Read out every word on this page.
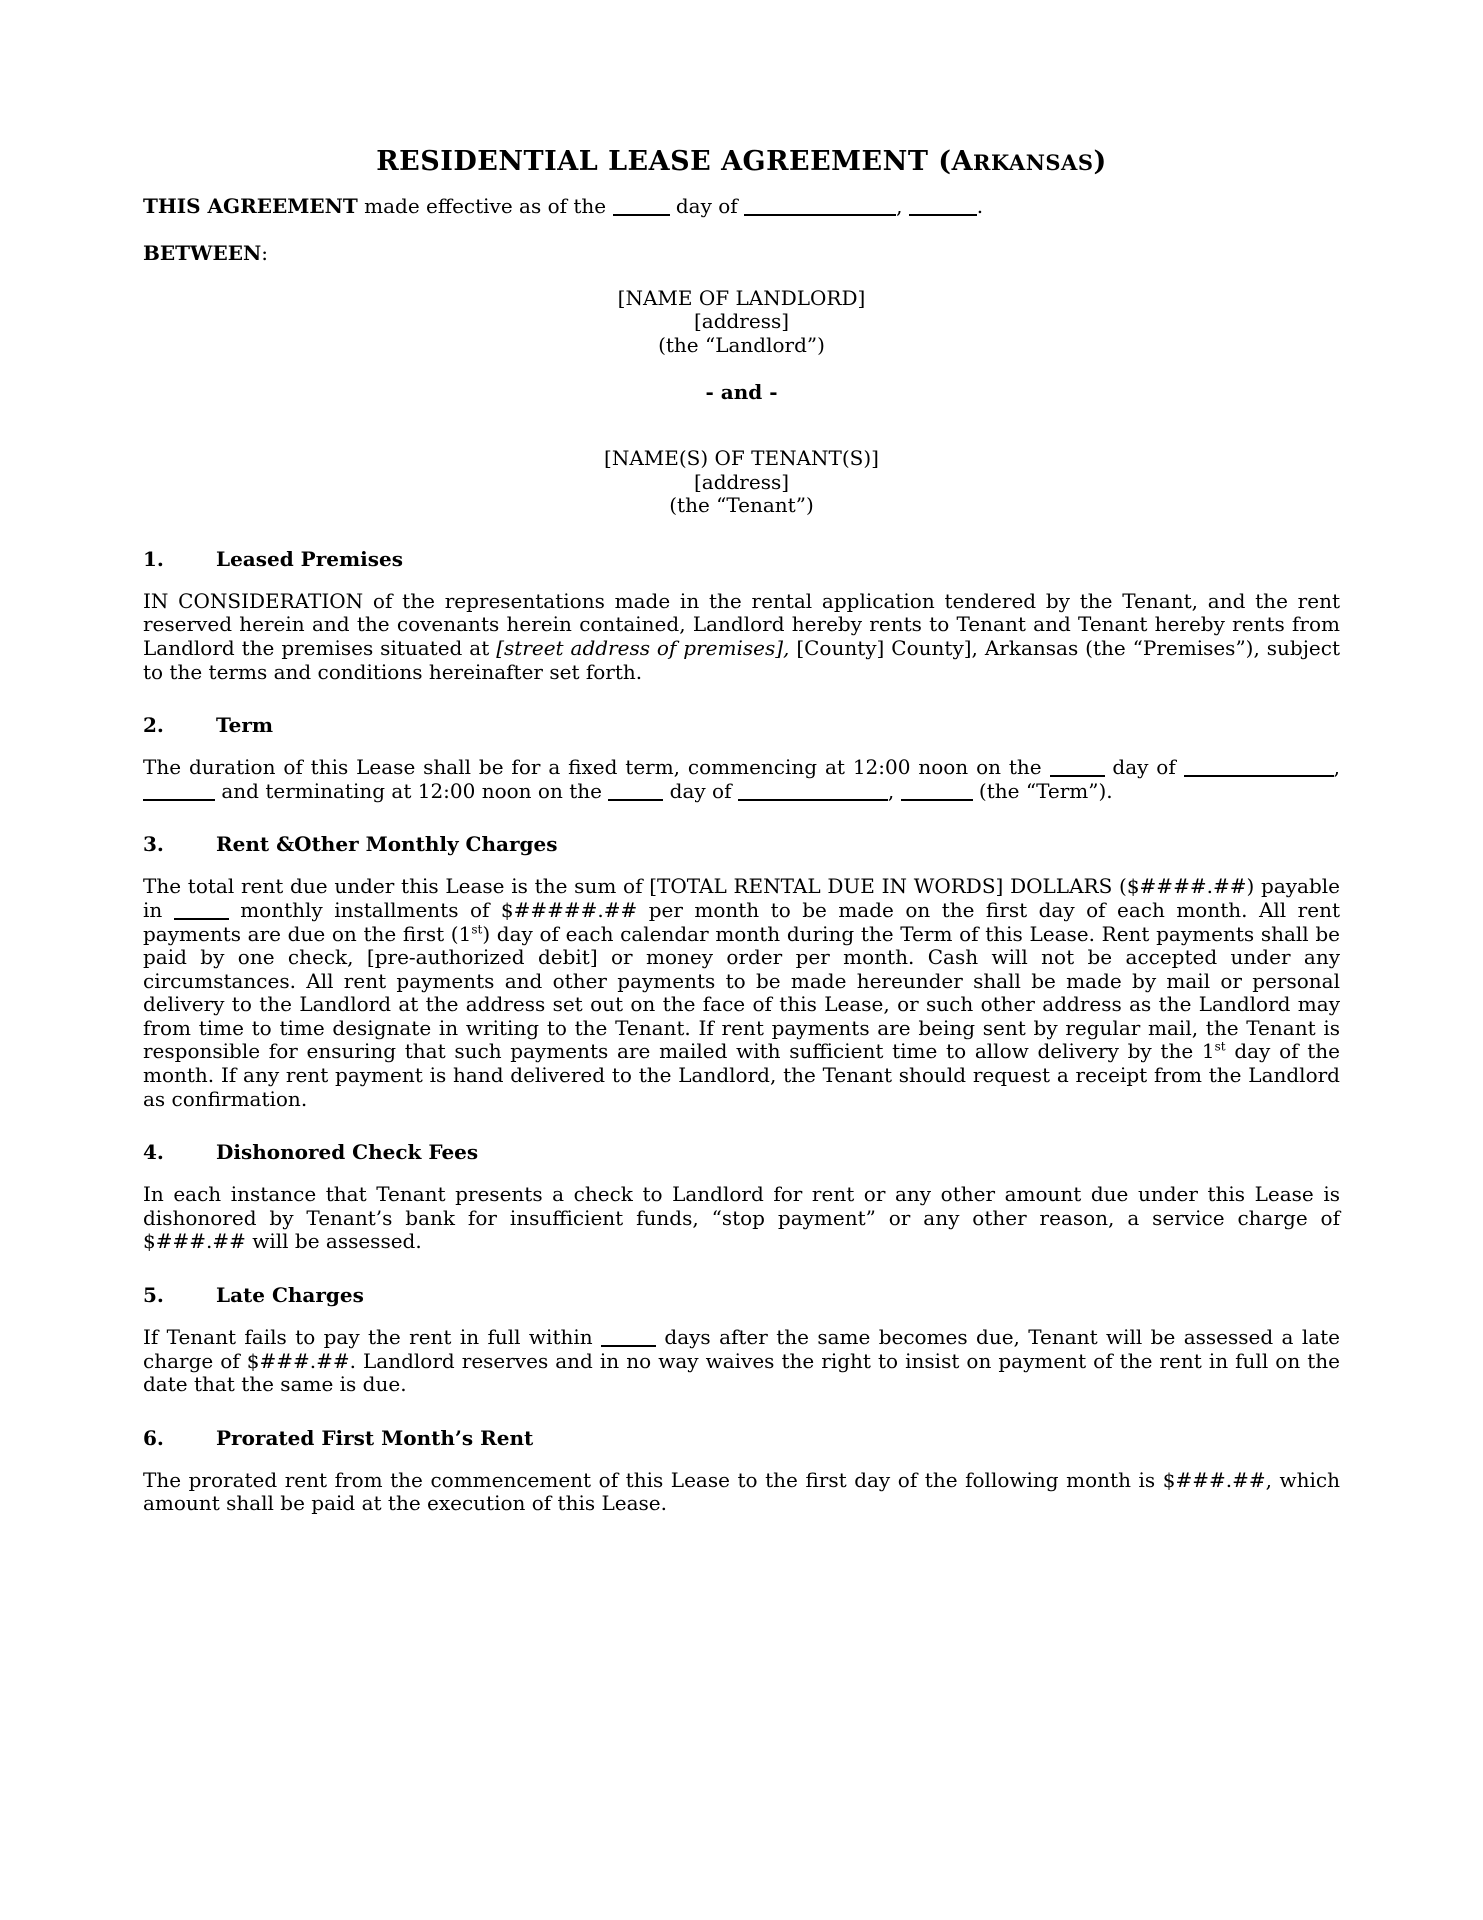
RESIDENTIAL LEASE AGREEMENT (ARKANSAS)

THIS AGREEMENT made effective as of the	day of	,	.

BETWEEN:

[NAME OF LANDLORD]
[address]
(the “Landlord”)
- and -
[NAME(S) OF TENANT(S)]
[address]
(the “Tenant”)
1.	Leased Premises

IN CONSIDERATION of the representations made in the rental application tendered by the Tenant, and the rent reserved herein and the covenants herein contained, Landlord hereby rents to Tenant and Tenant hereby rents from Landlord the premises situated at [street address of premises], [County] County], Arkansas (the “Premises”), subject to the terms and conditions hereinafter set forth.

2.	Term

The duration of this Lease shall be for a fixed term, commencing at 12:00 noon on the	day of	,  and terminating at 12:00 noon on the	day of	,	(the “Term”).

3.	Rent &Other Monthly Charges

The total rent due under this Lease is the sum of [TOTAL RENTAL DUE IN WORDS] DOLLARS ($####.##) payable in	monthly installments of $#####.## per month to be made on the first day of each month. All rent payments are due on the first (1st) day of each calendar month during the Term of this Lease. Rent payments shall be paid by one check, [pre-authorized debit] or money order per month. Cash will not be accepted under any circumstances. All rent payments and other payments to be made hereunder shall be made by mail or personal delivery to the Landlord at the address set out on the face of this Lease, or such other address as the Landlord may from time to time designate in writing to the Tenant. If rent payments are being sent by regular mail, the Tenant is responsible for ensuring that such payments are mailed with sufficient time to allow delivery by the 1st day of the month. If any rent payment is hand delivered to the Landlord, the Tenant should request a receipt from the Landlord as confirmation.

4.	Dishonored Check Fees

In each instance that Tenant presents a check to Landlord for rent or any other amount due under this Lease is dishonored by Tenant’s bank for insufficient funds, “stop payment” or any other reason, a service charge of $###.## will be assessed.

5.	Late Charges

If Tenant fails to pay the rent in full within	days after the same becomes due, Tenant will be assessed a late charge of $###.##. Landlord reserves and in no way waives the right to insist on payment of the rent in full on the date that the same is due.

6.	Prorated First Month’s Rent

The prorated rent from the commencement of this Lease to the first day of the following month is $###.##, which amount shall be paid at the execution of this Lease.
